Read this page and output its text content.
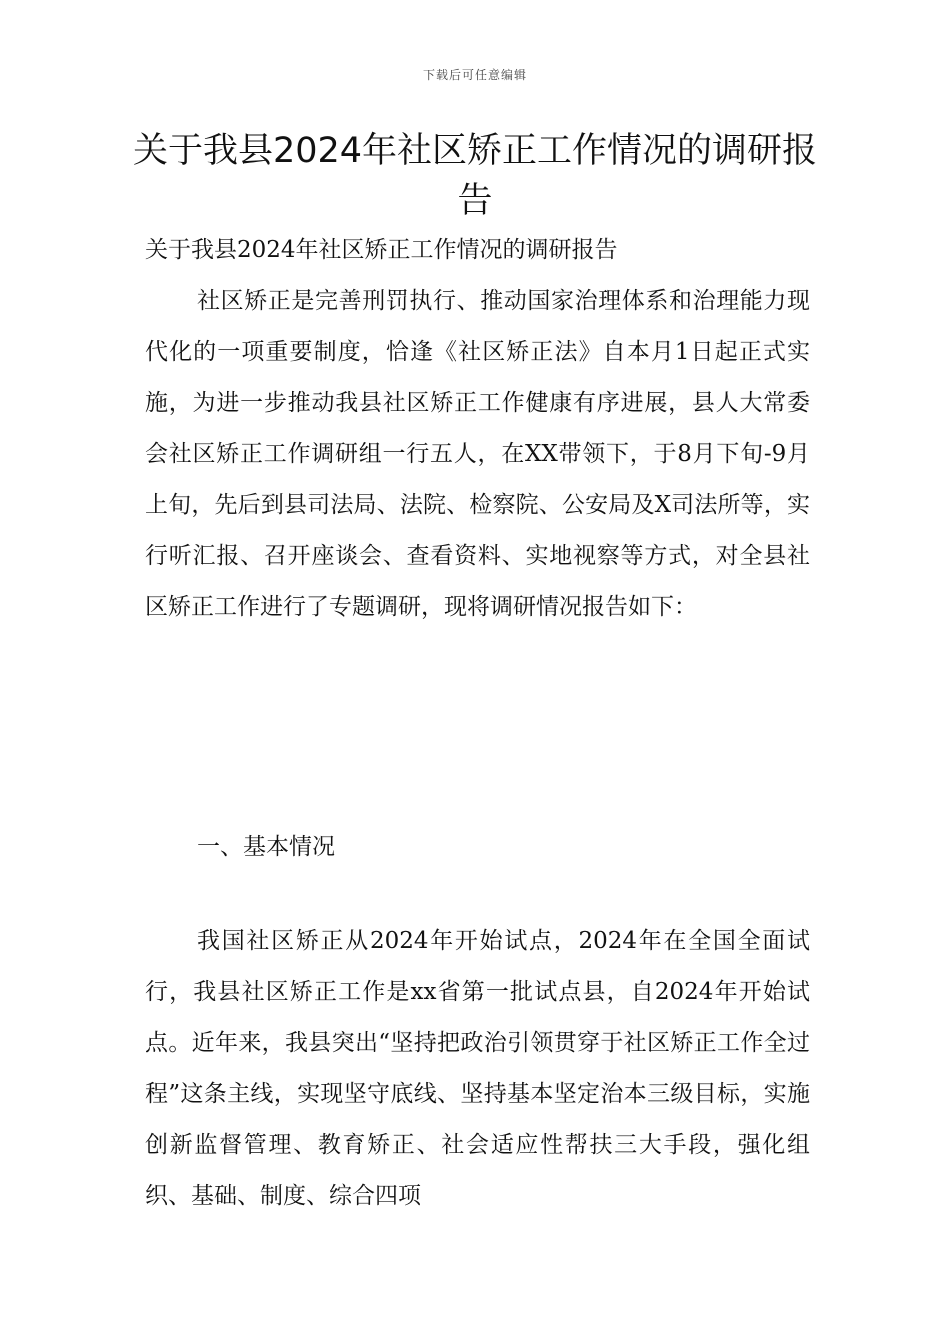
下载后可任意编辑
关于我县2024年社区矫正工作情况的调研报告
关于我县2024年社区矫正工作情况的调研报告

社区矫正是完善刑罚执行、推动国家治理体系和治理能力现代化的一项重要制度，恰逢《社区矫正法》自本月1日起正式实施，为进一步推动我县社区矫正工作健康有序进展，县人大常委会社区矫正工作调研组一行五人，在XX带领下，于8月下旬-9月上旬，先后到县司法局、法院、检察院、公安局及X司法所等，实行听汇报、召开座谈会、查看资料、实地视察等方式，对全县社区矫正工作进行了专题调研，现将调研情况报告如下：

一、基本情况

我国社区矫正从2024年开始试点，2024年在全国全面试行，我县社区矫正工作是xx省第一批试点县，自2024年开始试点。近年来，我县突出“坚持把政治引领贯穿于社区矫正工作全过程”这条主线，实现坚守底线、坚持基本坚定治本三级目标，实施创新监督管理、教育矫正、社会适应性帮扶三大手段，强化组织、基础、制度、综合四项
